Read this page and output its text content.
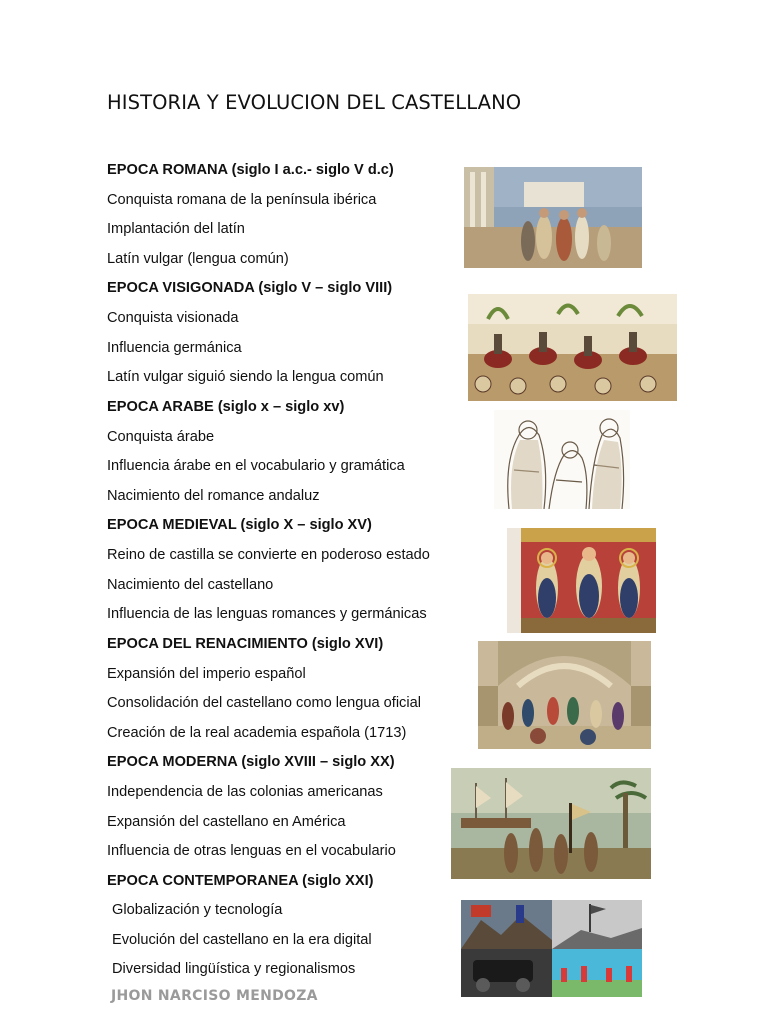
HISTORIA Y EVOLUCION DEL CASTELLANO
EPOCA ROMANA (siglo I a.c.- siglo V d.c)
Conquista romana de la península ibérica
Implantación del latín
Latín vulgar (lengua común)
EPOCA VISIGONADA (siglo V – siglo VIII)
Conquista visionada
Influencia germánica
Latín vulgar siguió siendo la lengua común
EPOCA ARABE (siglo x – siglo xv)
Conquista árabe
Influencia árabe en el vocabulario y gramática
Nacimiento del romance andaluz
EPOCA MEDIEVAL (siglo X – siglo XV)
Reino de castilla se convierte en poderoso estado
Nacimiento del castellano
Influencia de las lenguas romances y germánicas
EPOCA DEL RENACIMIENTO (siglo XVI)
Expansión del imperio español
Consolidación del castellano como lengua oficial
Creación de la real academia española (1713)
EPOCA MODERNA (siglo XVIII – siglo XX)
Independencia de las colonias americanas
Expansión del castellano en América
Influencia de otras lenguas en el vocabulario
EPOCA CONTEMPORANEA (siglo XXI)
Globalización y tecnología
Evolución del castellano en la era digital
Diversidad lingüística y regionalismos
JHON NARCISO MENDOZA
